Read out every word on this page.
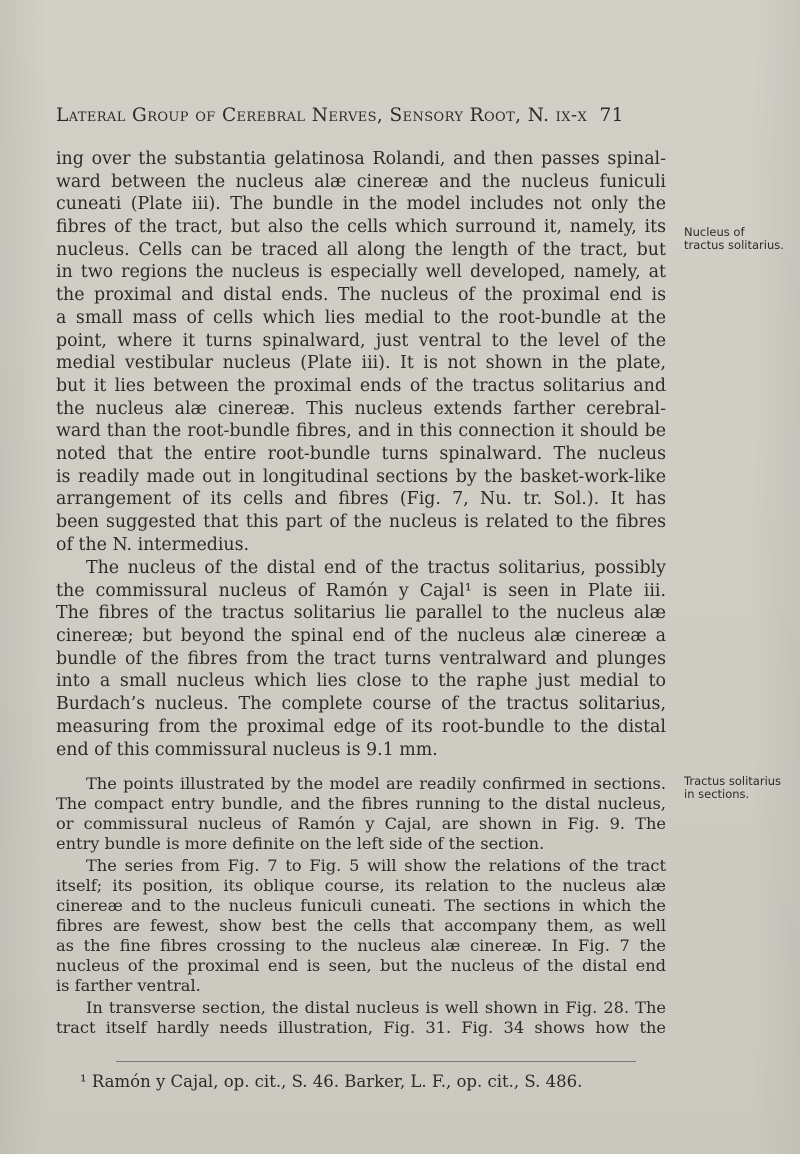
Lateral Group of Cerebral Nerves, Sensory Root, N. ix-x 71
ing over the substantia gelatinosa Rolandi, and then passes spinal-
ward between the nucleus alæ cinereæ and the nucleus funiculi
cuneati (Plate iii). The bundle in the model includes not only the
fibres of the tract, but also the cells which surround it, namely, its
nucleus. Cells can be traced all along the length of the tract, but
in two regions the nucleus is especially well developed, namely, at
the proximal and distal ends. The nucleus of the proximal end is
a small mass of cells which lies medial to the root-bundle at the
point, where it turns spinalward, just ventral to the level of the
medial vestibular nucleus (Plate iii). It is not shown in the plate,
but it lies between the proximal ends of the tractus solitarius and
the nucleus alæ cinereæ. This nucleus extends farther cerebral-
ward than the root-bundle fibres, and in this connection it should be
noted that the entire root-bundle turns spinalward. The nucleus
is readily made out in longitudinal sections by the basket-work-like
arrangement of its cells and fibres (Fig. 7, Nu. tr. Sol.). It has
been suggested that this part of the nucleus is related to the fibres
of the N. intermedius.
The nucleus of the distal end of the tractus solitarius, possibly
the commissural nucleus of Ramón y Cajal¹ is seen in Plate iii.
The fibres of the tractus solitarius lie parallel to the nucleus alæ
cinereæ; but beyond the spinal end of the nucleus alæ cinereæ a
bundle of the fibres from the tract turns ventralward and plunges
into a small nucleus which lies close to the raphe just medial to
Burdach’s nucleus. The complete course of the tractus solitarius,
measuring from the proximal edge of its root-bundle to the distal
end of this commissural nucleus is 9.1 mm.
The points illustrated by the model are readily confirmed in sections.
The compact entry bundle, and the fibres running to the distal nucleus,
or commissural nucleus of Ramón y Cajal, are shown in Fig. 9. The
entry bundle is more definite on the left side of the section.
The series from Fig. 7 to Fig. 5 will show the relations of the tract
itself; its position, its oblique course, its relation to the nucleus alæ
cinereæ and to the nucleus funiculi cuneati. The sections in which the
fibres are fewest, show best the cells that accompany them, as well
as the fine fibres crossing to the nucleus alæ cinereæ. In Fig. 7 the
nucleus of the proximal end is seen, but the nucleus of the distal end
is farther ventral.
In transverse section, the distal nucleus is well shown in Fig. 28. The
tract itself hardly needs illustration, Fig. 31. Fig. 34 shows how the
Nucleus of
tractus solitarius.
Tractus solitarius
in sections.
¹ Ramón y Cajal, op. cit., S. 46. Barker, L. F., op. cit., S. 486.
